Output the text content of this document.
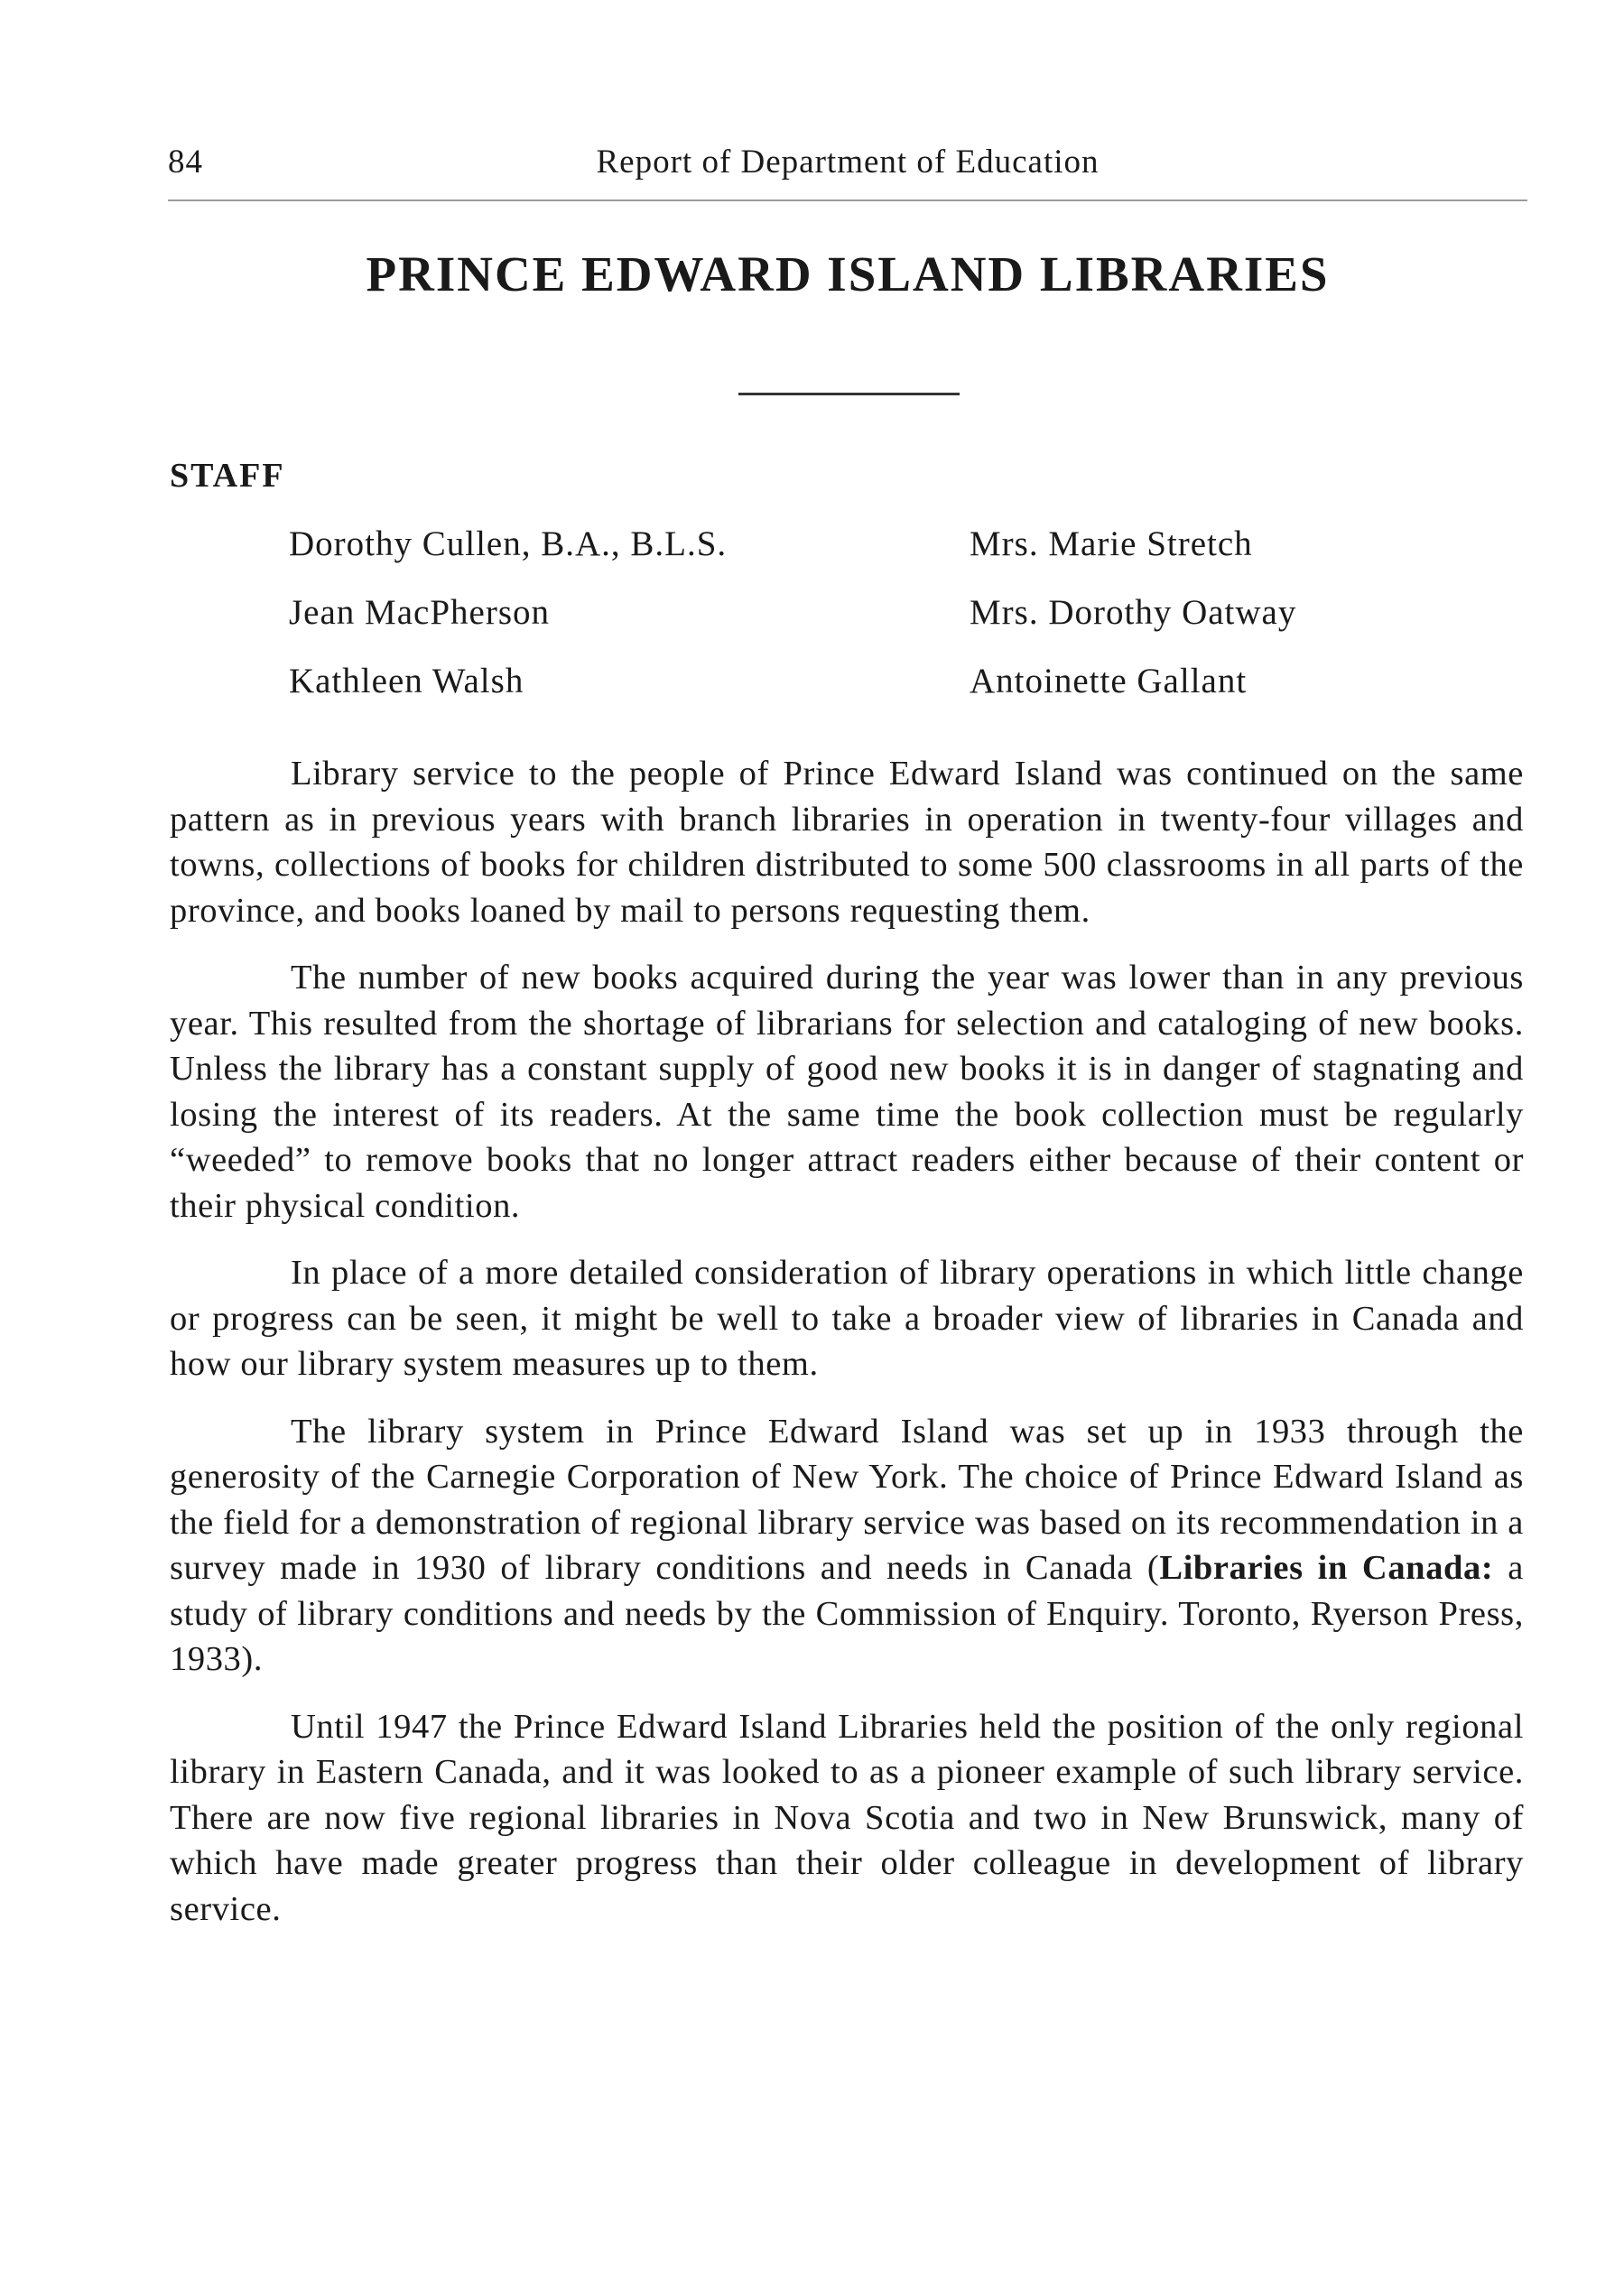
84	Report of Department of Education
PRINCE EDWARD ISLAND LIBRARIES
STAFF
Dorothy Cullen, B.A., B.L.S.
Jean MacPherson
Kathleen Walsh
Mrs. Marie Stretch
Mrs. Dorothy Oatway
Antoinette Gallant

Library service to the people of Prince Edward Island was continued on the same pattern as in previous years with branch libraries in operation in twenty-four villages and towns, collections of books for children distributed to some 500 classrooms in all parts of the province, and books loaned by mail to persons requesting them.

The number of new books acquired during the year was lower than in any previous year. This resulted from the shortage of librarians for selection and cataloging of new books. Unless the library has a constant supply of good new books it is in danger of stagnating and losing the interest of its readers. At the same time the book collection must be regularly “weeded” to remove books that no longer attract readers either because of their content or their physical condition.

In place of a more detailed consideration of library operations in which little change or progress can be seen, it might be well to take a broader view of libraries in Canada and how our library system measures up to them.

The library system in Prince Edward Island was set up in 1933 through the generosity of the Carnegie Corporation of New York. The choice of Prince Edward Island as the field for a demonstration of regional library service was based on its recommendation in a survey made in 1930 of library conditions and needs in Canada (Libraries in Canada: a study of library conditions and needs by the Commission of Enquiry. Toronto, Ryerson Press, 1933).

Until 1947 the Prince Edward Island Libraries held the position of the only regional library in Eastern Canada, and it was looked to as a pioneer example of such library service. There are now five regional libraries in Nova Scotia and two in New Brunswick, many of which have made greater progress than their older colleague in development of library service.
